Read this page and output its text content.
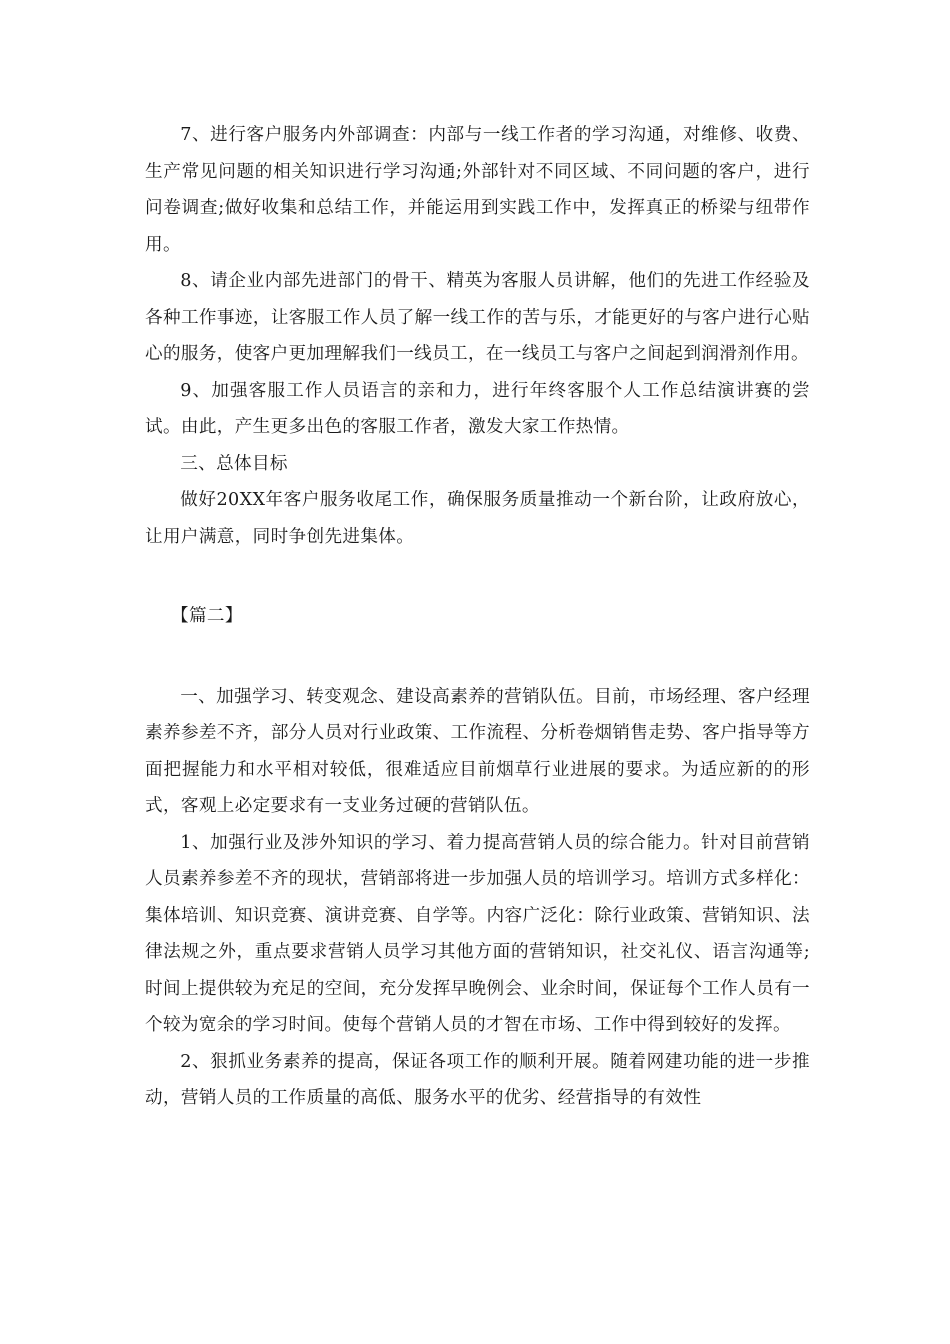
7、进行客户服务内外部调查：内部与一线工作者的学习沟通，对维修、收费、生产常见问题的相关知识进行学习沟通;外部针对不同区域、不同问题的客户，进行问卷调查;做好收集和总结工作，并能运用到实践工作中，发挥真正的桥梁与纽带作用。

8、请企业内部先进部门的骨干、精英为客服人员讲解，他们的先进工作经验及各种工作事迹，让客服工作人员了解一线工作的苦与乐，才能更好的与客户进行心贴心的服务，使客户更加理解我们一线员工，在一线员工与客户之间起到润滑剂作用。

9、加强客服工作人员语言的亲和力，进行年终客服个人工作总结演讲赛的尝试。由此，产生更多出色的客服工作者，激发大家工作热情。

三、总体目标

做好20XX年客户服务收尾工作，确保服务质量推动一个新台阶，让政府放心，让用户满意，同时争创先进集体。

【篇二】

一、加强学习、转变观念、建设高素养的营销队伍。目前，市场经理、客户经理素养参差不齐，部分人员对行业政策、工作流程、分析卷烟销售走势、客户指导等方面把握能力和水平相对较低，很难适应目前烟草行业进展的要求。为适应新的的形式，客观上必定要求有一支业务过硬的营销队伍。

1、加强行业及涉外知识的学习、着力提高营销人员的综合能力。针对目前营销人员素养参差不齐的现状，营销部将进一步加强人员的培训学习。培训方式多样化：集体培训、知识竞赛、演讲竞赛、自学等。内容广泛化：除行业政策、营销知识、法律法规之外，重点要求营销人员学习其他方面的营销知识，社交礼仪、语言沟通等;时间上提供较为充足的空间，充分发挥早晚例会、业余时间，保证每个工作人员有一个较为宽余的学习时间。使每个营销人员的才智在市场、工作中得到较好的发挥。

2、狠抓业务素养的提高，保证各项工作的顺利开展。随着网建功能的进一步推动，营销人员的工作质量的高低、服务水平的优劣、经营指导的有效性
